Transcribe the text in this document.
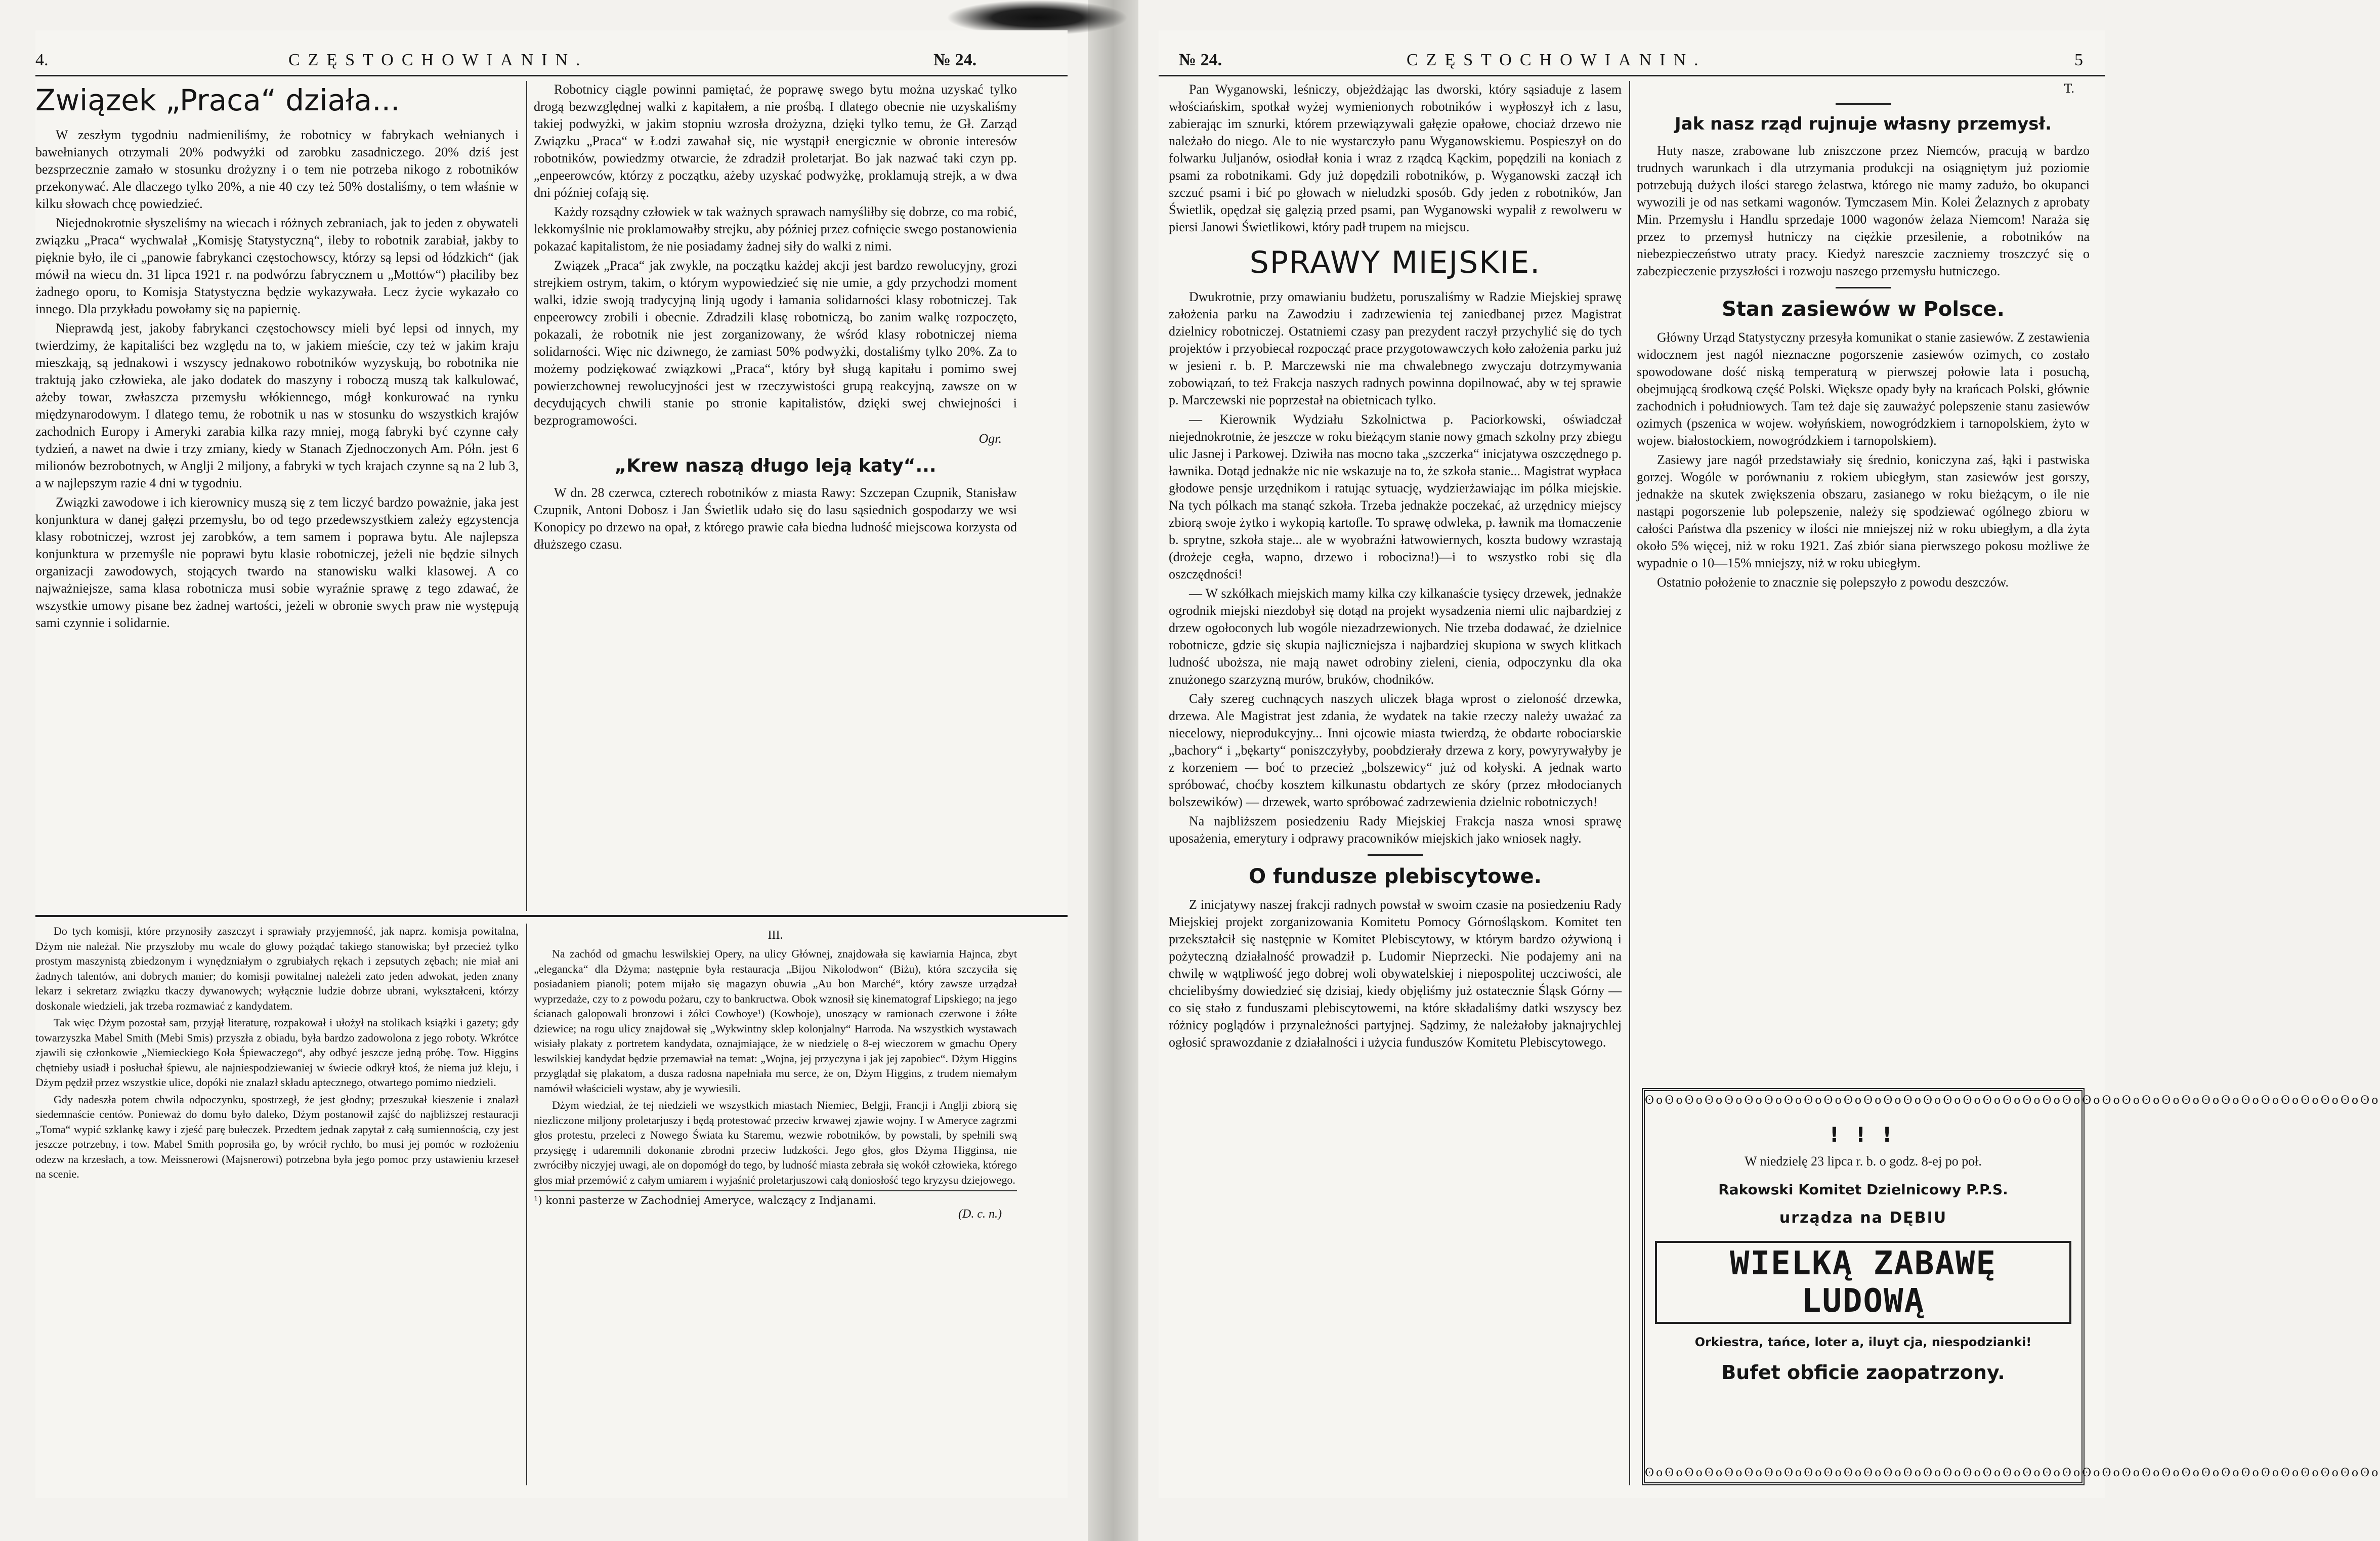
4.	CZĘSTOCHOWIANIN.	№ 24.
Związek „Praca“ działa...

W zeszłym tygodniu nadmieniliśmy, że robotnicy w fabrykach wełnianych i bawełnianych otrzymali 20% podwyżki od zarobku zasadniczego. 20% dziś jest bezsprzecznie zamało w stosunku drożyzny i o tem nie potrzeba nikogo z robotników przekonywać. Ale dlaczego tylko 20%, a nie 40 czy też 50% dostaliśmy, o tem właśnie w kilku słowach chcę powiedzieć.

Niejednokrotnie słyszeliśmy na wiecach i różnych zebraniach, jak to jeden z obywateli związku „Praca“ wychwalał „Komisję Statystyczną“, ileby to robotnik zarabiał, jakby to pięknie było, ile ci „panowie fabrykanci częstochowscy, którzy są lepsi od łódzkich“ (jak mówił na wiecu dn. 31 lipca 1921 r. na podwórzu fabrycznem u „Mottów“) płaciliby bez żadnego oporu, to Komisja Statystyczna będzie wykazywała. Lecz życie wykazało co innego. Dla przykładu powołamy się na papiernię.

Nieprawdą jest, jakoby fabrykanci częstochowscy mieli być lepsi od innych, my twierdzimy, że kapitaliści bez względu na to, w jakiem mieście, czy też w jakim kraju mieszkają, są jednakowi i wszyscy jednakowo robotników wyzyskują, bo robotnika nie traktują jako człowieka, ale jako dodatek do maszyny i roboczą muszą tak kalkulować, ażeby towar, zwłaszcza przemysłu włókiennego, mógł konkurować na rynku międzynarodowym. I dlatego temu, że robotnik u nas w stosunku do wszystkich krajów zachodnich Europy i Ameryki zarabia kilka razy mniej, mogą fabryki być czynne cały tydzień, a nawet na dwie i trzy zmiany, kiedy w Stanach Zjednoczonych Am. Półn. jest 6 milionów bezrobotnych, w Anglji 2 miljony, a fabryki w tych krajach czynne są na 2 lub 3, a w najlepszym razie 4 dni w tygodniu.

Związki zawodowe i ich kierownicy muszą się z tem liczyć bardzo poważnie, jaka jest konjunktura w danej gałęzi przemysłu, bo od tego przedewszystkiem zależy egzystencja klasy robotniczej, wzrost jej zarobków, a tem samem i poprawa bytu. Ale najlepsza konjunktura w przemyśle nie poprawi bytu klasie robotniczej, jeżeli nie będzie silnych organizacji zawodowych, stojących twardo na stanowisku walki klasowej. A co najważniejsze, sama klasa robotnicza musi sobie wyraźnie sprawę z tego zdawać, że wszystkie umowy pisane bez żadnej wartości, jeżeli w obronie swych praw nie występują sami czynnie i solidarnie.

Robotnicy ciągle powinni pamiętać, że poprawę swego bytu można uzyskać tylko drogą bezwzględnej walki z kapitałem, a nie prośbą. I dlatego obecnie nie uzyskaliśmy takiej podwyżki, w jakim stopniu wzrosła drożyzna, dzięki tylko temu, że Gł. Zarząd Związku „Praca“ w Łodzi zawahał się, nie wystąpił energicznie w obronie interesów robotników, powiedzmy otwarcie, że zdradził proletarjat. Bo jak nazwać taki czyn pp. „enpeerowców, którzy z początku, ażeby uzyskać podwyżkę, proklamują strejk, a w dwa dni później cofają się.

Każdy rozsądny człowiek w tak ważnych sprawach namyśliłby się dobrze, co ma robić, lekkomyślnie nie proklamowałby strejku, aby później przez cofnięcie swego postanowienia pokazać kapitalistom, że nie posiadamy żadnej siły do walki z nimi.

Związek „Praca“ jak zwykle, na początku każdej akcji jest bardzo rewolucyjny, grozi strejkiem ostrym, takim, o którym wypowiedzieć się nie umie, a gdy przychodzi moment walki, idzie swoją tradycyjną linją ugody i łamania solidarności klasy robotniczej. Tak enpeerowcy zrobili i obecnie. Zdradzili klasę robotniczą, bo zanim walkę rozpoczęto, pokazali, że robotnik nie jest zorganizowany, że wśród klasy robotniczej niema solidarności. Więc nic dziwnego, że zamiast 50% podwyżki, dostaliśmy tylko 20%. Za to możemy podziękować związkowi „Praca“, który był sługą kapitału i pomimo swej powierzchownej rewolucyjności jest w rzeczywistości grupą reakcyjną, zawsze on w decydujących chwili stanie po stronie kapitalistów, dzięki swej chwiejności i bezprogramowości.

Ogr.
„Krew naszą długo leją katy“...

W dn. 28 czerwca, czterech robotników z miasta Rawy: Szczepan Czupnik, Stanisław Czupnik, Antoni Dobosz i Jan Świetlik udało się do lasu sąsiednich gospodarzy we wsi Konopicy po drzewo na opał, z którego prawie cała biedna ludność miejscowa korzysta od dłuższego czasu.

Do tych komisji, które przynosiły zaszczyt i sprawiały przyjemność, jak naprz. komisja powitalna, Dżym nie należał. Nie przyszłoby mu wcale do głowy pożądać takiego stanowiska; był przecież tylko prostym maszynistą zbiedzonym i wynędzniałym o zgrubiałych rękach i zepsutych zębach; nie miał ani żadnych talentów, ani dobrych manier; do komisji powitalnej należeli zato jeden adwokat, jeden znany lekarz i sekretarz związku tkaczy dywanowych; wyłącznie ludzie dobrze ubrani, wykształceni, którzy doskonale wiedzieli, jak trzeba rozmawiać z kandydatem.

Tak więc Dżym pozostał sam, przyjął literaturę, rozpakował i ułożył na stolikach książki i gazety; gdy towarzyszka Mabel Smith (Mebi Smis) przyszła z obiadu, była bardzo zadowolona z jego roboty. Wkrótce zjawili się członkowie „Niemieckiego Koła Śpiewaczego“, aby odbyć jeszcze jedną próbę. Tow. Higgins chętnieby usiadł i posłuchał śpiewu, ale najniespodziewaniej w świecie odkrył ktoś, że niema już kleju, i Dżym pędził przez wszystkie ulice, dopóki nie znalazł składu aptecznego, otwartego pomimo niedzieli.

Gdy nadeszła potem chwila odpoczynku, spostrzegł, że jest głodny; przeszukał kieszenie i znalazł siedemnaście centów. Ponieważ do domu było daleko, Dżym postanowił zajść do najbliższej restauracji „Toma“ wypić szklankę kawy i zjeść parę bułeczek. Przedtem jednak zapytał z całą sumiennością, czy jest jeszcze potrzebny, i tow. Mabel Smith poprosiła go, by wrócił rychło, bo musi jej pomóc w rozłożeniu odezw na krzesłach, a tow. Meissnerowi (Majsnerowi) potrzebna była jego pomoc przy ustawieniu krzeseł na scenie.

III.

Na zachód od gmachu leswilskiej Opery, na ulicy Głównej, znajdowała się kawiarnia Hajnca, zbyt „elegancka“ dla Dżyma; następnie była restauracja „Bijou Nikolodwon“ (Biżu), która szczyciła się posiadaniem pianoli; potem mijało się magazyn obuwia „Au bon Marché“, który zawsze urządzał wyprzedaże, czy to z powodu pożaru, czy to bankructwa. Obok wznosił się kinematograf Lipskiego; na jego ścianach galopowali bronzowi i żółci Cowboye¹) (Kowboje), unoszący w ramionach czerwone i żółte dziewice; na rogu ulicy znajdował się „Wykwintny sklep kolonjalny“ Harroda. Na wszystkich wystawach wisiały plakaty z portretem kandydata, oznajmiające, że w niedzielę o 8-ej wieczorem w gmachu Opery leswilskiej kandydat będzie przemawiał na temat: „Wojna, jej przyczyna i jak jej zapobiec“. Dżym Higgins przyglądał się plakatom, a dusza radosna napełniała mu serce, że on, Dżym Higgins, z trudem niemałym namówił właścicieli wystaw, aby je wywiesili.

Dżym wiedział, że tej niedzieli we wszystkich miastach Niemiec, Belgji, Francji i Anglji zbiorą się niezliczone miljony proletarjuszy i będą protestować przeciw krwawej zjawie wojny. I w Ameryce zagrzmi głos protestu, przeleci z Nowego Świata ku Staremu, wezwie robotników, by powstali, by spełnili swą przysięgę i udaremnili dokonanie zbrodni przeciw ludzkości. Jego głos, głos Dżyma Higginsa, nie zwróciłby niczyjej uwagi, ale on dopomógł do tego, by ludność miasta zebrała się wokół człowieka, którego głos miał przemówić z całym umiarem i wyjaśnić proletarjuszowi całą doniosłość tego kryzysu dziejowego.

¹) konni pasterze w Zachodniej Ameryce, walczący z Indjanami.
(D. c. n.)
№ 24.	CZĘSTOCHOWIANIN.	5

Pan Wyganowski, leśniczy, objeżdżając las dworski, który sąsiaduje z lasem włościańskim, spotkał wyżej wymienionych robotników i wypłoszył ich z lasu, zabierając im sznurki, którem przewiązywali gałęzie opałowe, chociaż drzewo nie należało do niego. Ale to nie wystarczyło panu Wyganowskiemu. Pospieszył on do folwarku Juljanów, osiodłał konia i wraz z rządcą Kąckim, popędzili na koniach z psami za robotnikami. Gdy już dopędzili robotników, p. Wyganowski zaczął ich szczuć psami i bić po głowach w nieludzki sposób. Gdy jeden z robotników, Jan Świetlik, opędzał się galęzią przed psami, pan Wyganowski wypalił z rewolweru w piersi Janowi Świetlikowi, który padł trupem na miejscu.

SPRAWY MIEJSKIE.

Dwukrotnie, przy omawianiu budżetu, poruszaliśmy w Radzie Miejskiej sprawę założenia parku na Zawodziu i zadrzewienia tej zaniedbanej przez Magistrat dzielnicy robotniczej. Ostatniemi czasy pan prezydent raczył przychylić się do tych projektów i przyobiecał rozpocząć prace przygotowawczych koło założenia parku już w jesieni r. b. P. Marczewski nie ma chwalebnego zwyczaju dotrzymywania zobowiązań, to też Frakcja naszych radnych powinna dopilnować, aby w tej sprawie p. Marczewski nie poprzestał na obietnicach tylko.

— Kierownik Wydziału Szkolnictwa p. Paciorkowski, oświadczał niejednokrotnie, że jeszcze w roku bieżącym stanie nowy gmach szkolny przy zbiegu ulic Jasnej i Parkowej. Dziwiła nas mocno taka „szczerka“ inicjatywa oszczędnego p. ławnika. Dotąd jednakże nic nie wskazuje na to, że szkoła stanie... Magistrat wypłaca głodowe pensje urzędnikom i ratując sytuację, wydzierżawiając im pólka miejskie. Na tych pólkach ma stanąć szkoła. Trzeba jednakże poczekać, aż urzędnicy miejscy zbiorą swoje żytko i wykopią kartofle. To sprawę odwleka, p. ławnik ma tłomaczenie b. sprytne, szkoła staje... ale w wyobraźni łatwowiernych, koszta budowy wzrastają (drożeje cegła, wapno, drzewo i robocizna!)—i to wszystko robi się dla oszczędności!

— W szkółkach miejskich mamy kilka czy kilkanaście tysięcy drzewek, jednakże ogrodnik miejski niezdobył się dotąd na projekt wysadzenia niemi ulic najbardziej z drzew ogołoconych lub wogóle niezadrzewionych. Nie trzeba dodawać, że dzielnice robotnicze, gdzie się skupia najliczniejsza i najbardziej skupiona w swych klitkach ludność uboższa, nie mają nawet odrobiny zieleni, cienia, odpoczynku dla oka znużonego szarzyzną murów, bruków, chodników.

Cały szereg cuchnących naszych uliczek błaga wprost o zieloność drzewka, drzewa. Ale Magistrat jest zdania, że wydatek na takie rzeczy należy uważać za niecelowy, nieprodukcyjny... Inni ojcowie miasta twierdzą, że obdarte robociarskie „bachory“ i „bękarty“ poniszczyłyby, poobdzierały drzewa z kory, powyrywałyby je z korzeniem — boć to przecież „bolszewicy“ już od kołyski. A jednak warto spróbować, choćby kosztem kilkunastu obdartych ze skóry (przez młodocianych bolszewików) — drzewek, warto spróbować zadrzewienia dzielnic robotniczych!

Na najbliższem posiedzeniu Rady Miejskiej Frakcja nasza wnosi sprawę uposażenia, emerytury i odprawy pracowników miejskich jako wniosek nagły.

O fundusze plebiscytowe.

Z inicjatywy naszej frakcji radnych powstał w swoim czasie na posiedzeniu Rady Miejskiej projekt zorganizowania Komitetu Pomocy Górnośląskom. Komitet ten przekształcił się następnie w Komitet Plebiscytowy, w którym bardzo ożywioną i pożyteczną działalność prowadził p. Ludomir Nieprzecki. Nie podajemy ani na chwilę w wątpliwość jego dobrej woli obywatelskiej i niepospolitej uczciwości, ale chcielibyśmy dowiedzieć się dzisiaj, kiedy objęliśmy już ostatecznie Śląsk Górny — co się stało z funduszami plebiscytowemi, na które składaliśmy datki wszyscy bez różnicy poglądów i przynależności partyjnej. Sądzimy, że należałoby jaknajrychlej ogłosić sprawozdanie z działalności i użycia funduszów Komitetu Plebiscytowego.

T.
Jak nasz rząd rujnuje własny przemysł.

Huty nasze, zrabowane lub zniszczone przez Niemców, pracują w bardzo trudnych warunkach i dla utrzymania produkcji na osiągniętym już poziomie potrzebują dużych ilości starego żelastwa, którego nie mamy zadużo, bo okupanci wywozili je od nas setkami wagonów. Tymczasem Min. Kolei Żelaznych z aprobaty Min. Przemysłu i Handlu sprzedaje 1000 wagonów żelaza Niemcom! Naraża się przez to przemysł hutniczy na ciężkie przesilenie, a robotników na niebezpieczeństwo utraty pracy. Kiedyż nareszcie zaczniemy troszczyć się o zabezpieczenie przyszłości i rozwoju naszego przemysłu hutniczego.

Stan zasiewów w Polsce.

Główny Urząd Statystyczny przesyła komunikat o stanie zasiewów. Z zestawienia widocznem jest nagół nieznaczne pogorszenie zasiewów ozimych, co zostało spowodowane dość niską temperaturą w pierwszej połowie lata i posuchą, obejmującą środkową część Polski. Większe opady były na krańcach Polski, głównie zachodnich i południowych. Tam też daje się zauważyć polepszenie stanu zasiewów ozimych (pszenica w wojew. wołyńskiem, nowogródzkiem i tarnopolskiem, żyto w wojew. białostockiem, nowogródzkiem i tarnopolskiem).

Zasiewy jare nagół przedstawiały się średnio, koniczyna zaś, łąki i pastwiska gorzej. Wogóle w porównaniu z rokiem ubiegłym, stan zasiewów jest gorszy, jednakże na skutek zwiększenia obszaru, zasianego w roku bieżącym, o ile nie nastąpi pogorszenie lub polepszenie, należy się spodziewać ogólnego zbioru w całości Państwa dla pszenicy w ilości nie mniejszej niż w roku ubiegłym, a dla żyta około 5% więcej, niż w roku 1921. Zaś zbiór siana pierwszego pokosu możliwe że wypadnie o 10—15% mniejszy, niż w roku ubiegłym.

Ostatnio położenie to znacznie się polepszyło z powodu deszczów.

ʘoʘoʘoʘoʘoʘoʘoʘoʘoʘoʘoʘoʘoʘoʘoʘoʘoʘoʘoʘoʘoʘoʘoʘoʘoʘoʘoʘoʘoʘoʘoʘoʘoʘoʘoʘoʘo
! ! !
W niedzielę 23 lipca r. b. o godz. 8-ej po poł.
Rakowski Komitet Dzielnicowy P.P.S.
urządza na DĘBIU
WIELKĄ ZABAWĘ LUDOWĄ
Orkiestra, tańce, loter a, iluyt cja, niespodzianki!
Bufet obficie zaopatrzony.
ʘoʘoʘoʘoʘoʘoʘoʘoʘoʘoʘoʘoʘoʘoʘoʘoʘoʘoʘoʘoʘoʘoʘoʘoʘoʘoʘoʘoʘoʘoʘoʘoʘoʘoʘoʘoʘo
